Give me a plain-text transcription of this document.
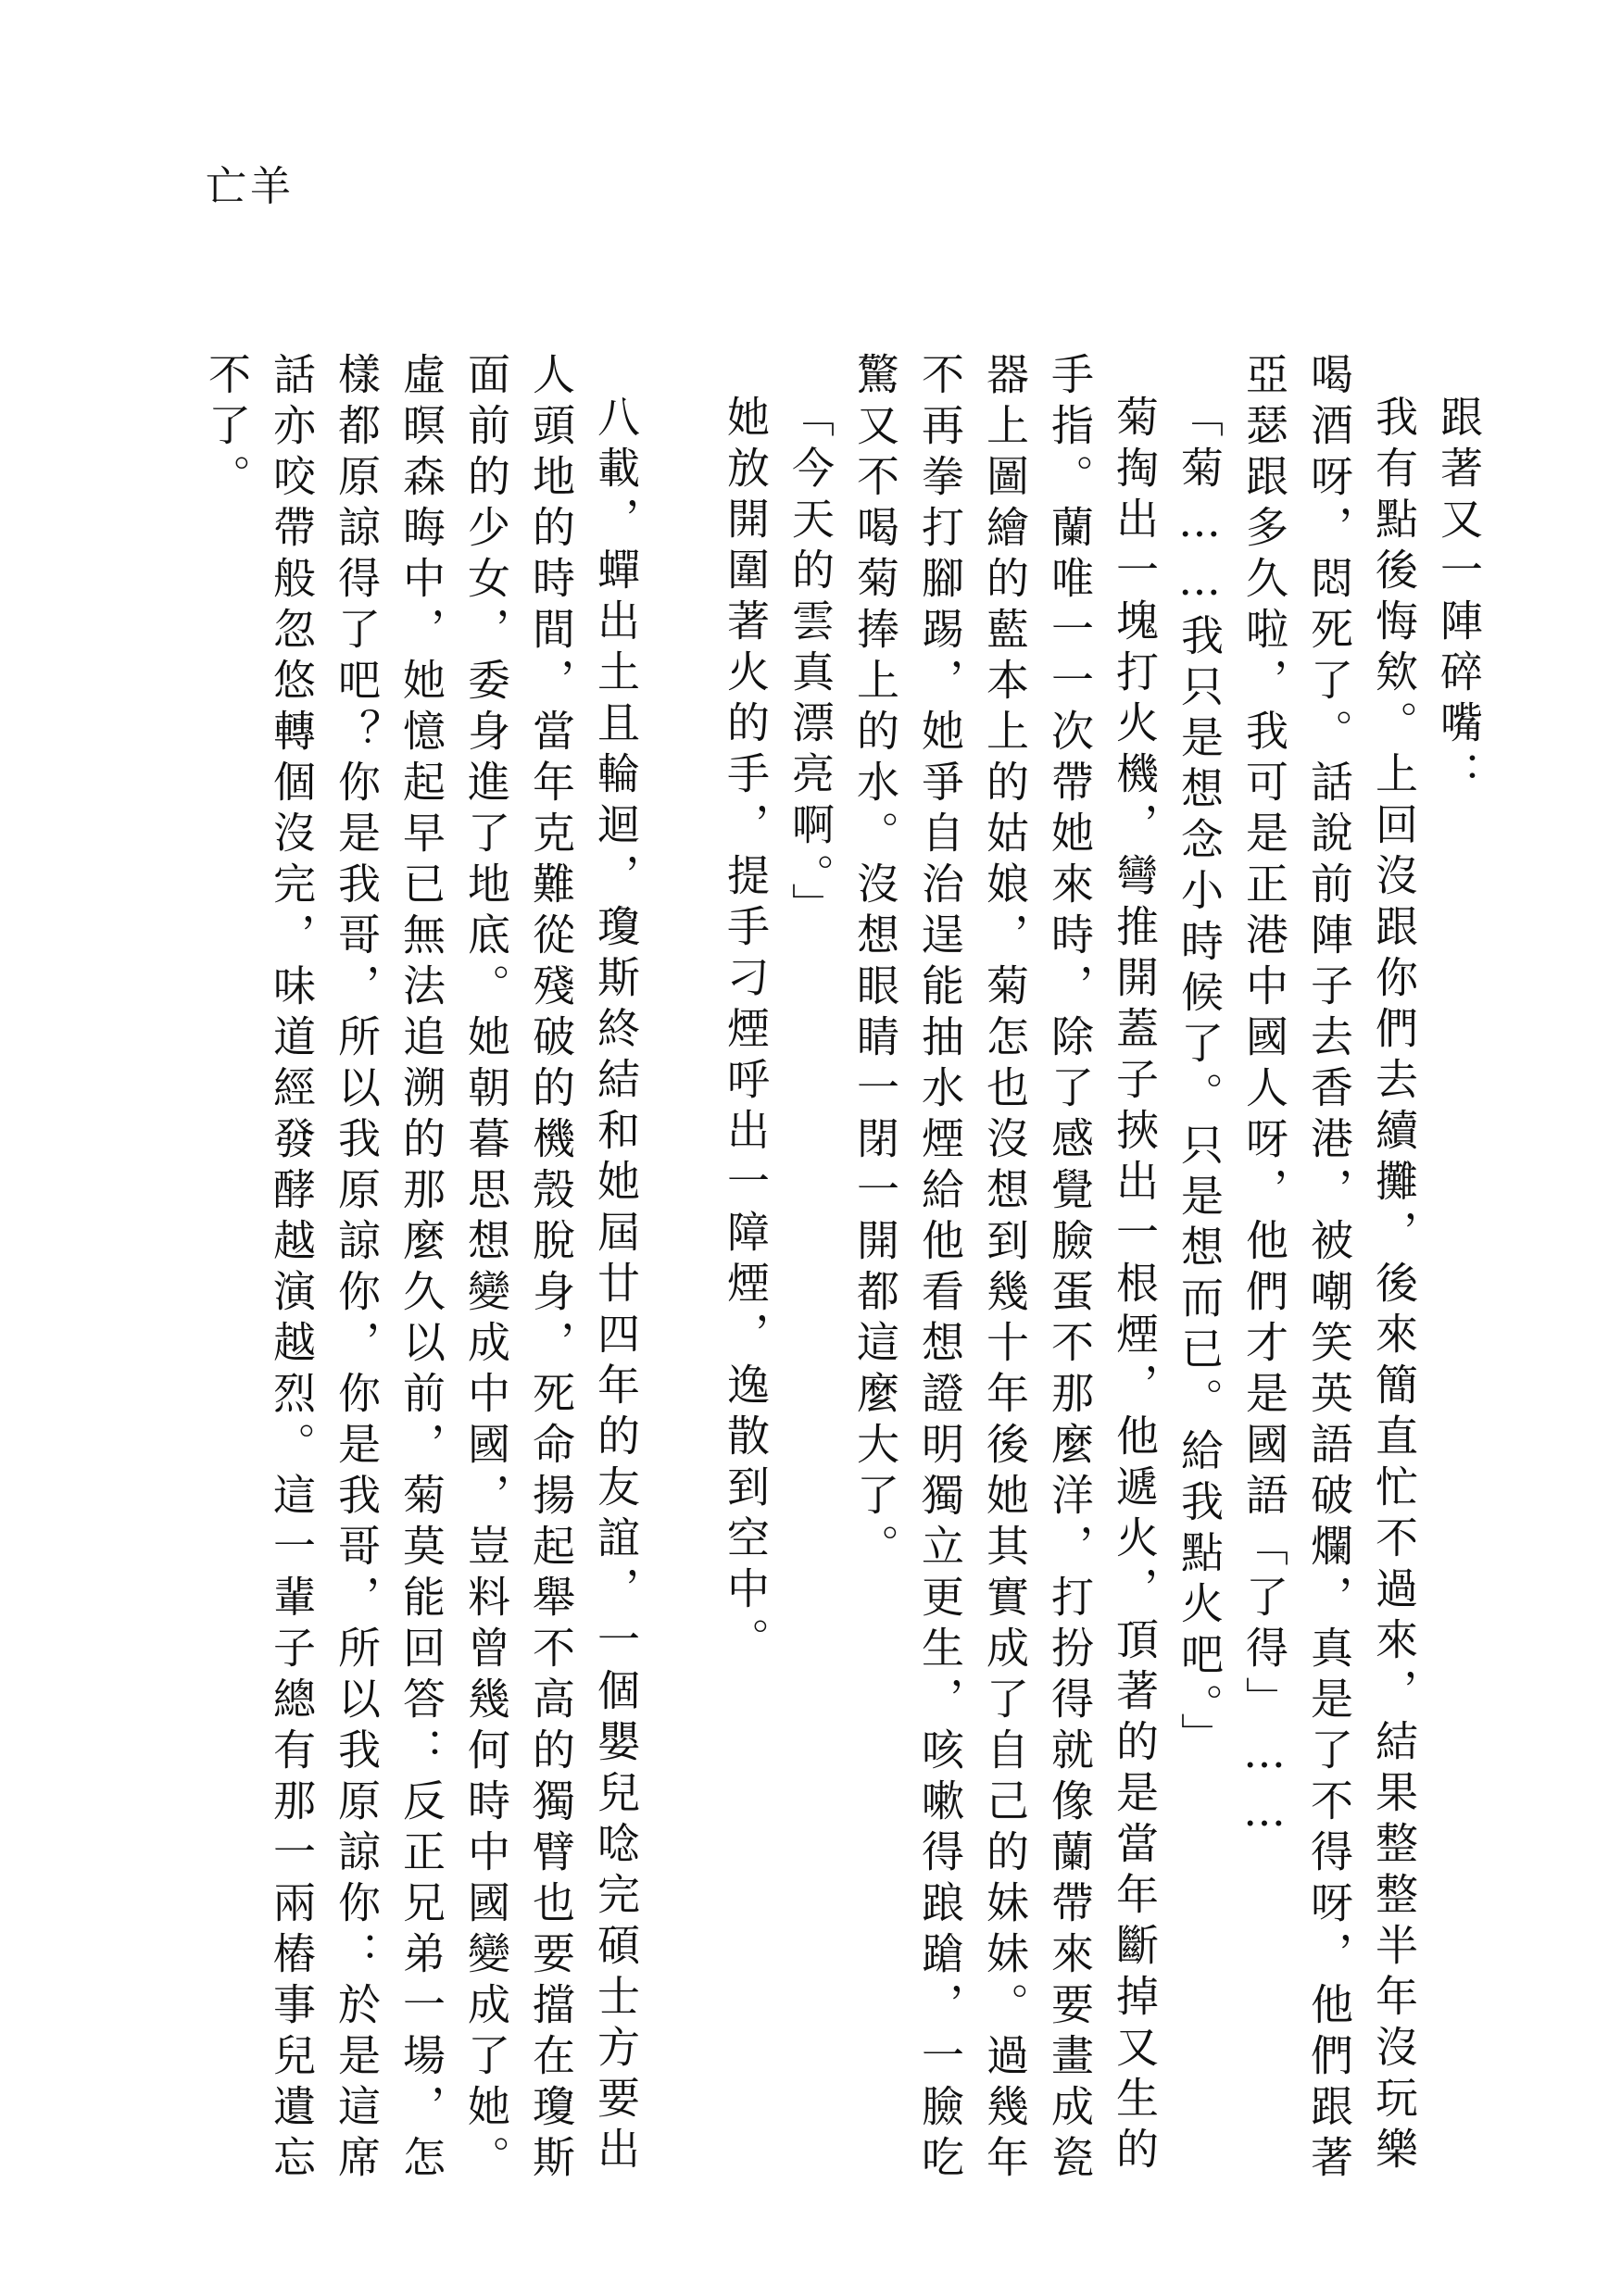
亡羊

跟著又一陣碎嘴：

我有點後悔欸。上回沒跟你們去續攤，後來簡直忙不過來，結果整整半年沒玩樂喝酒呀，悶死了。話說前陣子去香港，被嘲笑英語破爛，真是了不得呀，他們跟著亞瑟跟多久啦，我可是正港中國人呀，他們才是國語「了得」……

「菊……我只是想念小時候了。只是想而已。給我點火吧。」

菊掏出一塊打火機，彎推開蓋子挾出一根煙，他遞火，頂著的是當年斷掉又生的手指。蘭唯一一次帶她來時，除了感覺臉蛋不那麼洋，打扮得就像蘭帶來要畫成瓷器上圖繪的藍本上的姑娘，菊怎也沒想到幾十年後她其實成了自己的妹妹。過幾年不再拳打腳踢，她爭自治逞能抽水煙給他看想證明獨立更生，咳嗽得踉蹌，一臉吃驚又不喝菊捧上的水。沒想眼睛一閉一開都這麼大了。

「今天的雲真漂亮啊。」

她放開圍著火的手，提手刁煙呼出一障煙，逸散到空中。

八載，蟬出土且輪迴，瓊斯終結和她屆廿四年的友誼，一個嬰兒唸完碩士方要出人頭地的時間，當年克難從殘破的機殼脫身，死命揚起舉不高的獨臂也要擋在瓊斯面前的少女，委身進了地底。她朝暮思想變成中國，豈料曾幾何時中國變成了她。虛暝森晦中，她憶起早已無法追溯的那麼久以前，菊莫能回答：反正兄弟一場，怎樣都原諒得了吧？你是我哥，所以我原諒你，你是我哥，所以我原諒你：於是這席話亦咬帶般忽悠轉個沒完，味道經發酵越演越烈。這一輩子總有那一兩樁事兒遺忘不了。
